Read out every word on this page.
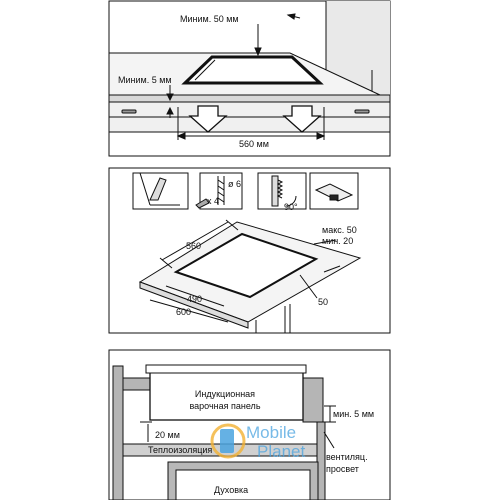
Миним. 50 мм
Миним. 5 мм
560 мм
x 4
ø 6
90°
макс. 50
мин. 20
560
490
600
50
Индукционная
варочная панель
20 мм
мин. 5 мм
Теплоизоляция
вентиляц.
просвет
Духовка
Mobile
Planet
